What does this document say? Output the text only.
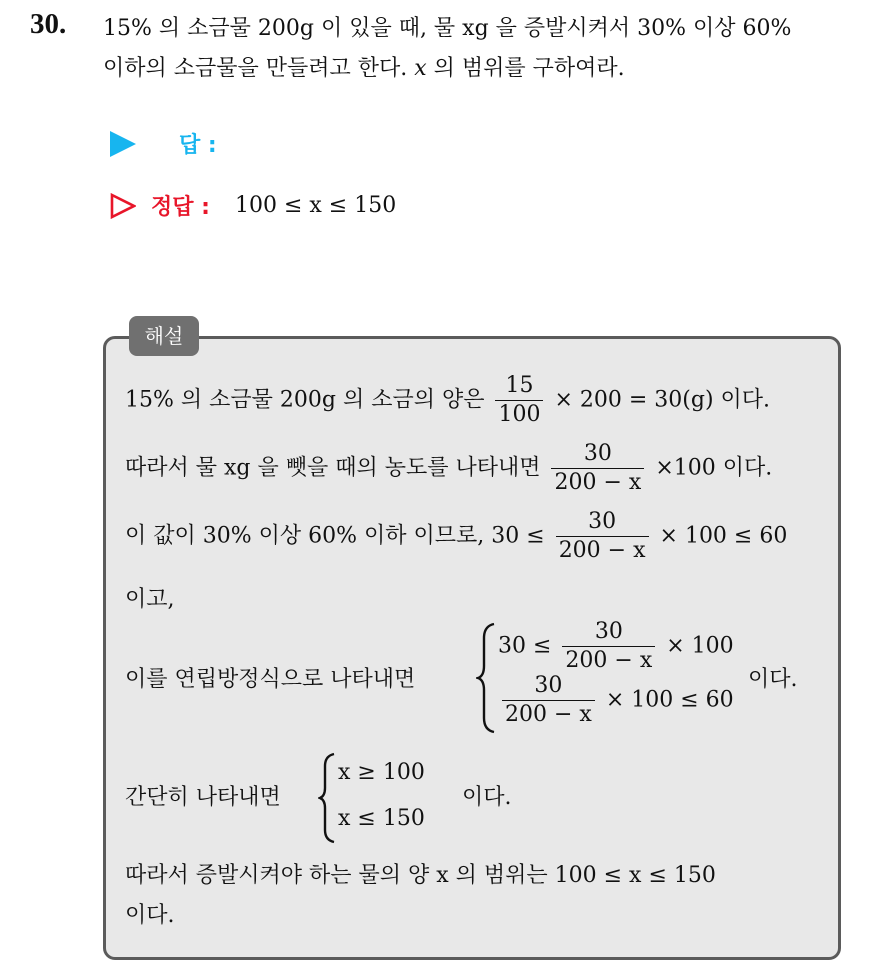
30. 15% 의 소금물 200g 이 있을 때, 물 xg 을 증발시켜서 30% 이상 60%
이하의 소금물을 만들려고 한다. x 의 범위를 구하여라.
답 :
정답 : 100 ≤ x ≤ 150
해설
15% 의 소금물 200g 의 소금의 양은 $\frac{15}{100} \times 200 = 30(g)$ 이다.
따라서 물 xg 을 뺏을 때의 농도를 나타내면 $\frac{30}{200 - x} \times 100$ 이다.
이 값이 30% 이상 60% 이하 이므로, $30 \le \frac{30}{200 - x} \times 100 \le 60$
이고,
이를 연립방정식으로 나타내면
$30 \le \frac{30}{200 - x} \times 100$
$\frac{30}{200 - x} \times 100 \le 60$
이다.
간단히 나타내면
x ≥ 100
x ≤ 150
이다.
따라서 증발시켜야 하는 물의 양 x 의 범위는 100 ≤ x ≤ 150
이다.
